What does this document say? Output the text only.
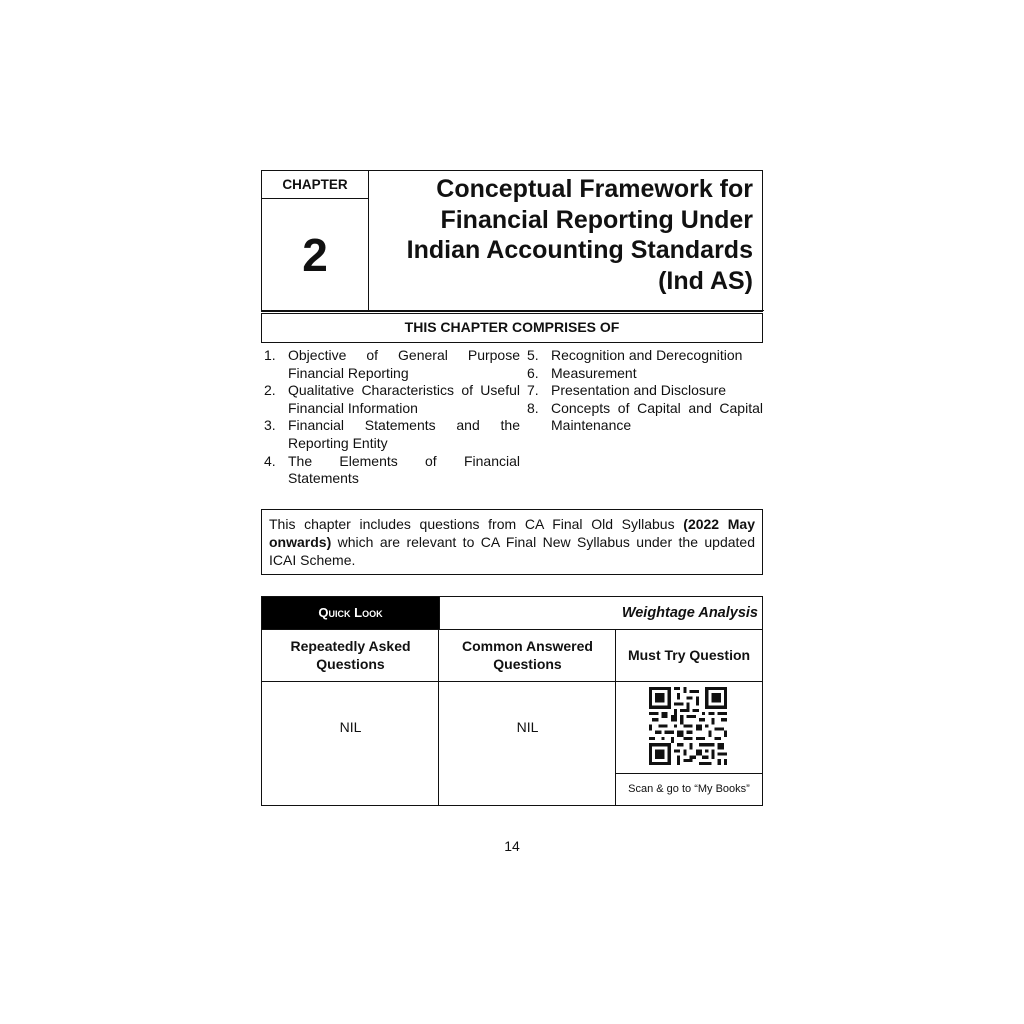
CHAPTER
2
Conceptual Framework for
Financial Reporting Under
Indian Accounting Standards
(Ind AS)
THIS CHAPTER COMPRISES OF
1. Objective of General Purpose Financial Reporting
2. Qualitative Characteristics of Useful Financial Information
3. Financial Statements and the Reporting Entity
4. The Elements of Financial Statements
5. Recognition and Derecognition
6. Measurement
7. Presentation and Disclosure
8. Concepts of Capital and Capital Maintenance
This chapter includes questions from CA Final Old Syllabus (2022 May onwards) which are relevant to CA Final New Syllabus under the updated ICAI Scheme.
Quick Look	Weightage Analysis
Repeatedly Asked Questions
Common Answered Questions
Must Try Question
NIL	NIL
Scan & go to “My Books”
14
